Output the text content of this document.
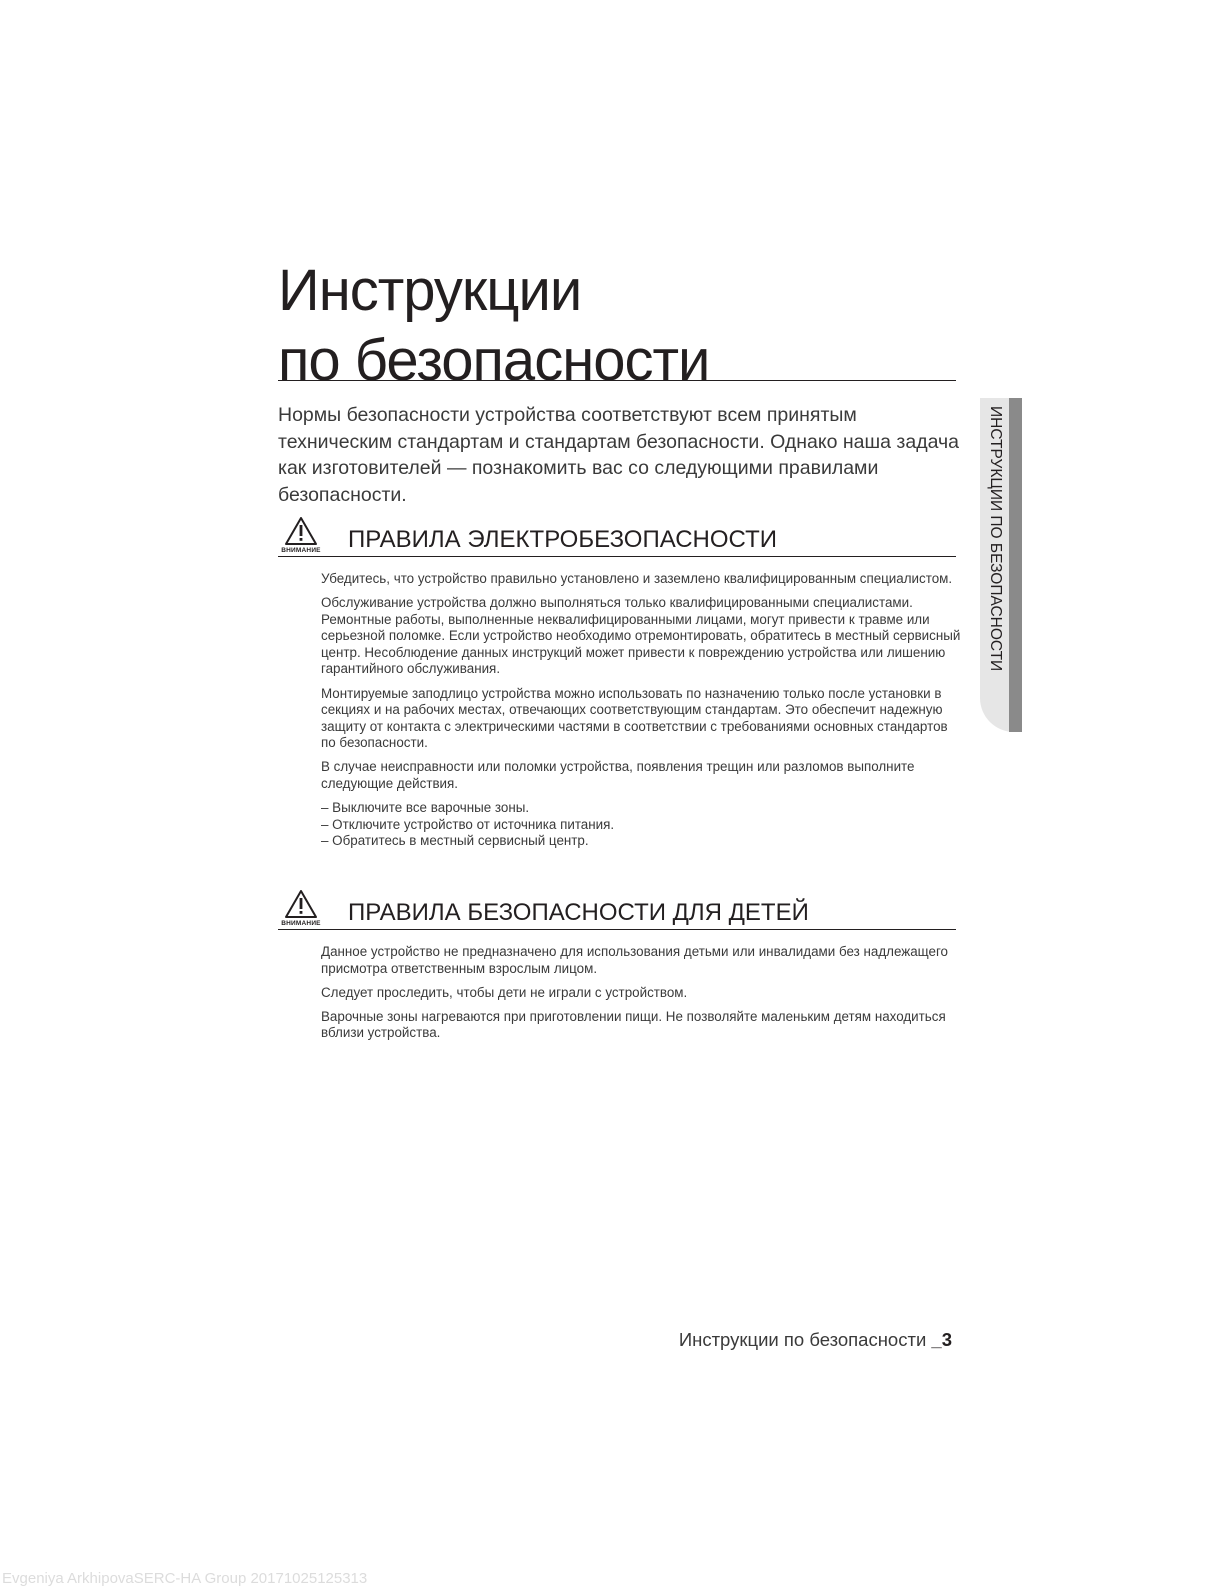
Инструкции
по безопасности

Нормы безопасности устройства соответствуют всем принятым техническим стандартам и стандартам безопасности. Однако наша задача как изготовителей — познакомить вас со следующими правилами безопасности.	ИНСТРУКЦИИ ПО БЕЗОПАСНОСТИ
ВНИМАНИЕ ПРАВИЛА ЭЛЕКТРОБЕЗОПАСНОСТИ

Убедитесь, что устройство правильно установлено и заземлено квалифицированным специалистом.

Обслуживание устройства должно выполняться только квалифицированными специалистами. Ремонтные работы, выполненные неквалифицированными лицами, могут привести к травме или серьезной поломке. Если устройство необходимо отремонтировать, обратитесь в местный сервисный центр. Несоблюдение данных инструкций может привести к повреждению устройства или лишению гарантийного обслуживания.

Монтируемые заподлицо устройства можно использовать по назначению только после установки в секциях и на рабочих местах, отвечающих соответствующим стандартам. Это обеспечит надежную защиту от контакта с электрическими частями в соответствии с требованиями основных стандартов по безопасности.

В случае неисправности или поломки устройства, появления трещин или разломов выполните следующие действия.

– Выключите все варочные зоны.
– Отключите устройство от источника питания.
– Обратитесь в местный сервисный центр.
ВНИМАНИЕ ПРАВИЛА БЕЗОПАСНОСТИ ДЛЯ ДЕТЕЙ

Данное устройство не предназначено для использования детьми или инвалидами без надлежащего присмотра ответственным взрослым лицом.

Следует проследить, чтобы дети не играли с устройством.

Варочные зоны нагреваются при приготовлении пищи. Не позволяйте маленьким детям находиться вблизи устройства.

Инструкции по безопасности _3
Evgeniya ArkhipovaSERC-HA Group 20171025125313
